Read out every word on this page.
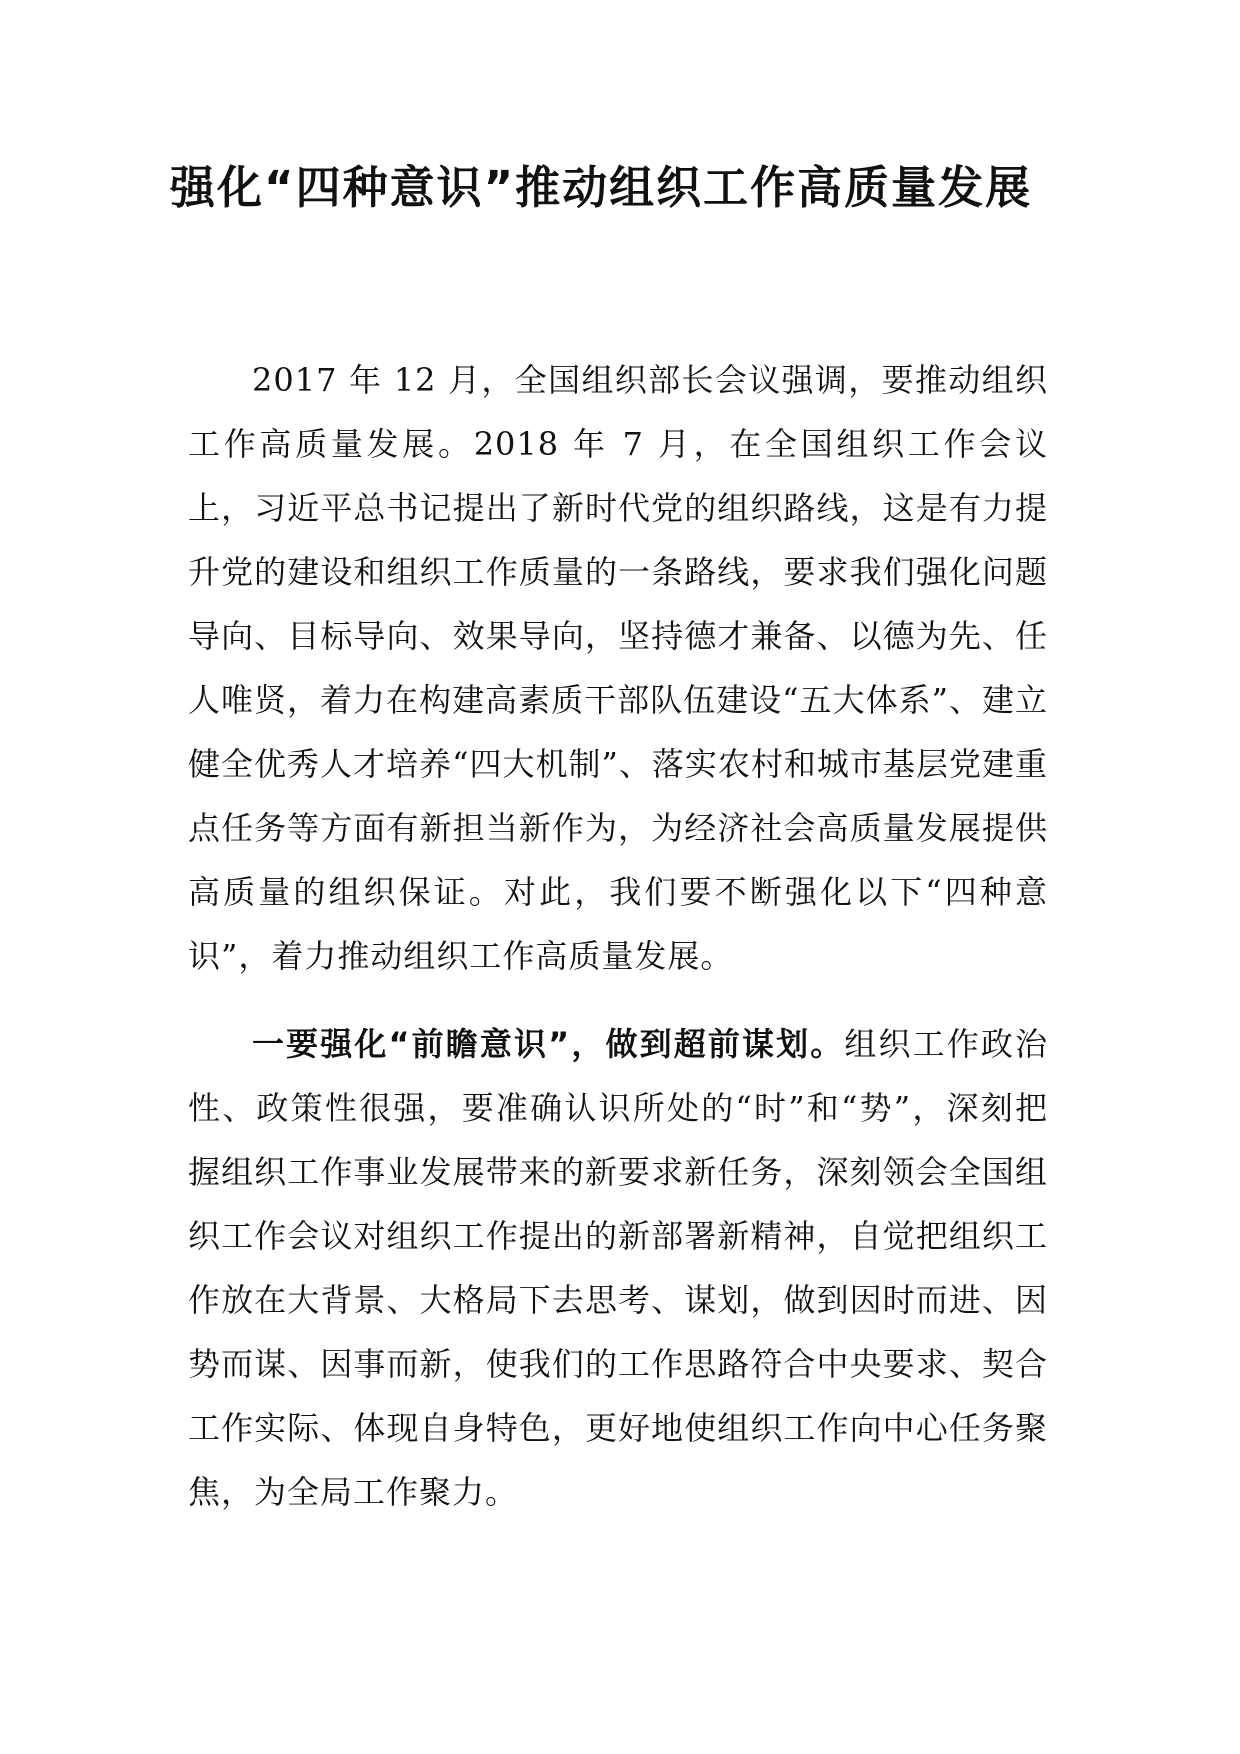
强化“四种意识”推动组织工作高质量发展

2017 年 12 月，全国组织部长会议强调，要推动组织工作高质量发展。2018 年 7 月，在全国组织工作会议上，习近平总书记提出了新时代党的组织路线，这是有力提升党的建设和组织工作质量的一条路线，要求我们强化问题导向、目标导向、效果导向，坚持德才兼备、以德为先、任人唯贤，着力在构建高素质干部队伍建设“五大体系”、建立健全优秀人才培养“四大机制”、落实农村和城市基层党建重点任务等方面有新担当新作为，为经济社会高质量发展提供高质量的组织保证。对此，我们要不断强化以下“四种意识”，着力推动组织工作高质量发展。

一要强化“前瞻意识”，做到超前谋划。组织工作政治性、政策性很强，要准确认识所处的“时”和“势”，深刻把握组织工作事业发展带来的新要求新任务，深刻领会全国组织工作会议对组织工作提出的新部署新精神，自觉把组织工作放在大背景、大格局下去思考、谋划，做到因时而进、因势而谋、因事而新，使我们的工作思路符合中央要求、契合工作实际、体现自身特色，更好地使组织工作向中心任务聚焦，为全局工作聚力。
